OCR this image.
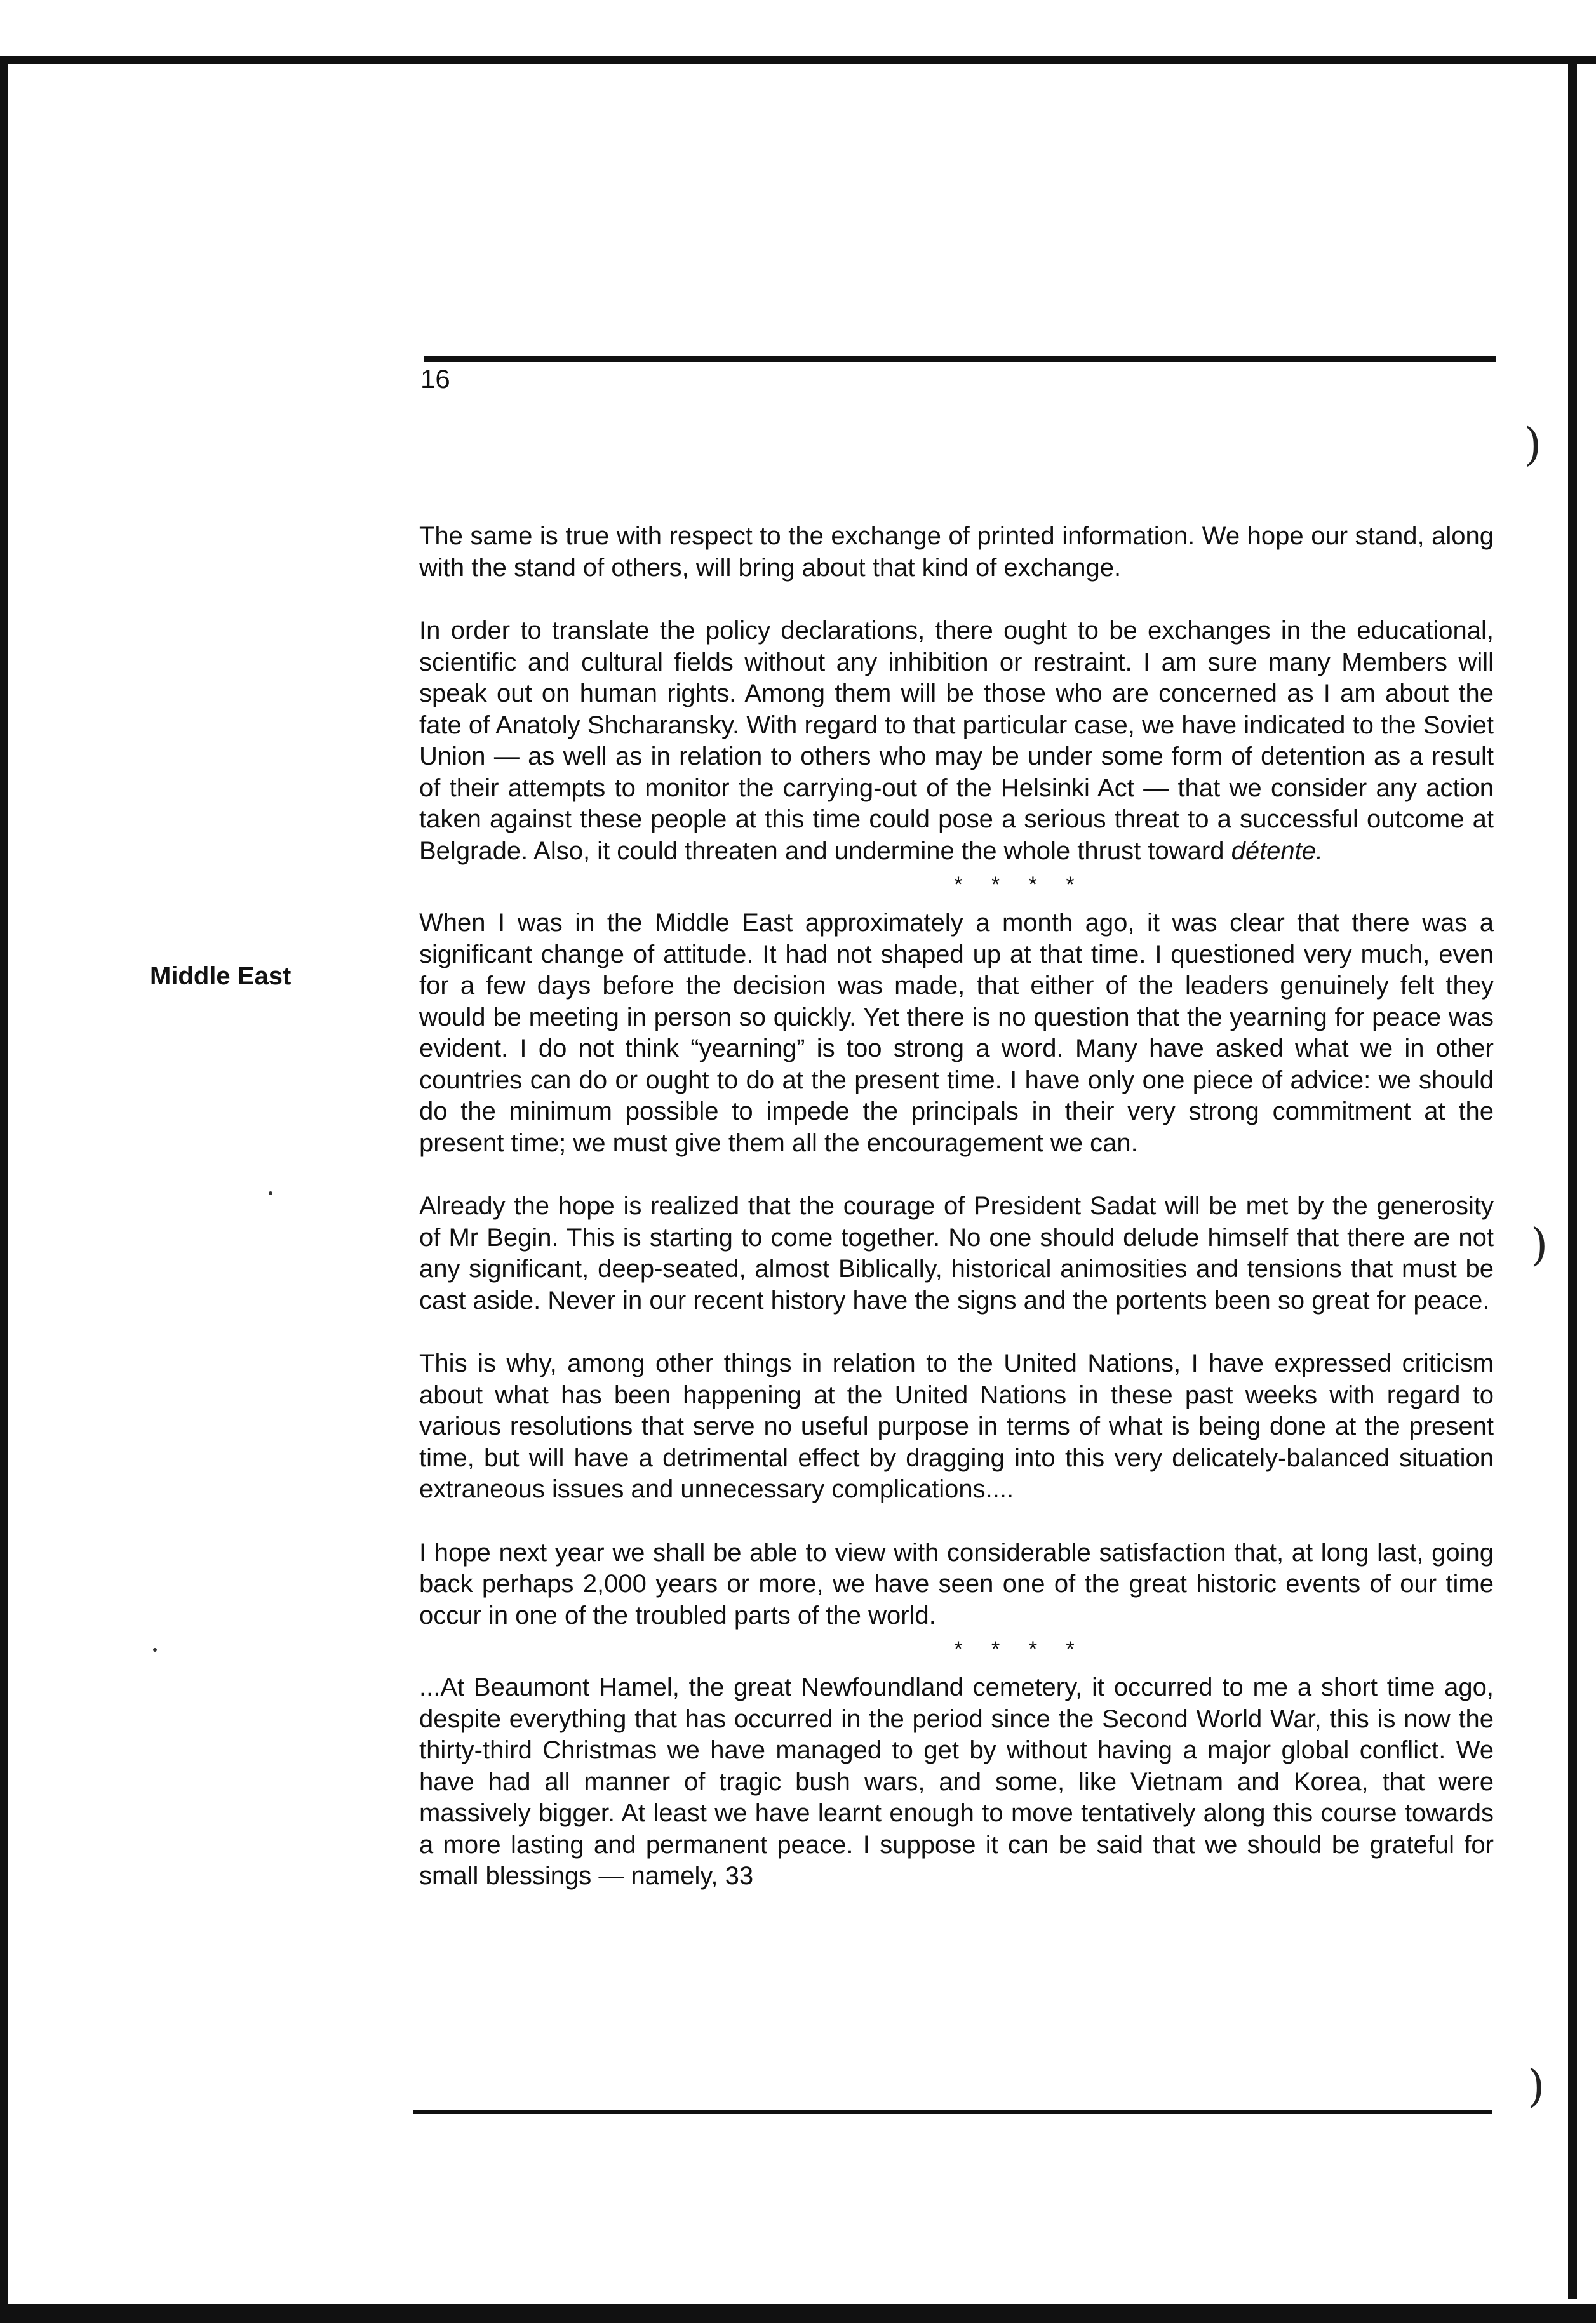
16
Middle East

The same is true with respect to the exchange of printed information. We hope our stand, along with the stand of others, will bring about that kind of exchange.

In order to translate the policy declarations, there ought to be exchanges in the educational, scientific and cultural fields without any inhibition or restraint. I am sure many Members will speak out on human rights. Among them will be those who are concerned as I am about the fate of Anatoly Shcharansky. With regard to that particular case, we have indicated to the Soviet Union — as well as in relation to others who may be under some form of detention as a result of their attempts to monitor the carrying-out of the Helsinki Act — that we consider any action taken against these people at this time could pose a serious threat to a successful outcome at Belgrade. Also, it could threaten and undermine the whole thrust toward détente.

* * * *

When I was in the Middle East approximately a month ago, it was clear that there was a significant change of attitude. It had not shaped up at that time. I questioned very much, even for a few days before the decision was made, that either of the leaders genuinely felt they would be meeting in person so quickly. Yet there is no question that the yearning for peace was evident. I do not think “yearning” is too strong a word. Many have asked what we in other countries can do or ought to do at the present time. I have only one piece of advice: we should do the minimum possible to impede the principals in their very strong commitment at the present time; we must give them all the encouragement we can.

Already the hope is realized that the courage of President Sadat will be met by the generosity of Mr Begin. This is starting to come together. No one should delude himself that there are not any significant, deep-seated, almost Biblically, historical animosities and tensions that must be cast aside. Never in our recent history have the signs and the portents been so great for peace.

This is why, among other things in relation to the United Nations, I have expressed criticism about what has been happening at the United Nations in these past weeks with regard to various resolutions that serve no useful purpose in terms of what is being done at the present time, but will have a detrimental effect by dragging into this very delicately-balanced situation extraneous issues and unnecessary complications....

I hope next year we shall be able to view with considerable satisfaction that, at long last, going back perhaps 2,000 years or more, we have seen one of the great historic events of our time occur in one of the troubled parts of the world.

* * * *

...At Beaumont Hamel, the great Newfoundland cemetery, it occurred to me a short time ago, despite everything that has occurred in the period since the Second World War, this is now the thirty-third Christmas we have managed to get by without having a major global conflict. We have had all manner of tragic bush wars, and some, like Vietnam and Korea, that were massively bigger. At least we have learnt enough to move tentatively along this course towards a more lasting and permanent peace. I suppose it can be said that we should be grateful for small blessings — namely, 33

)
)
)
